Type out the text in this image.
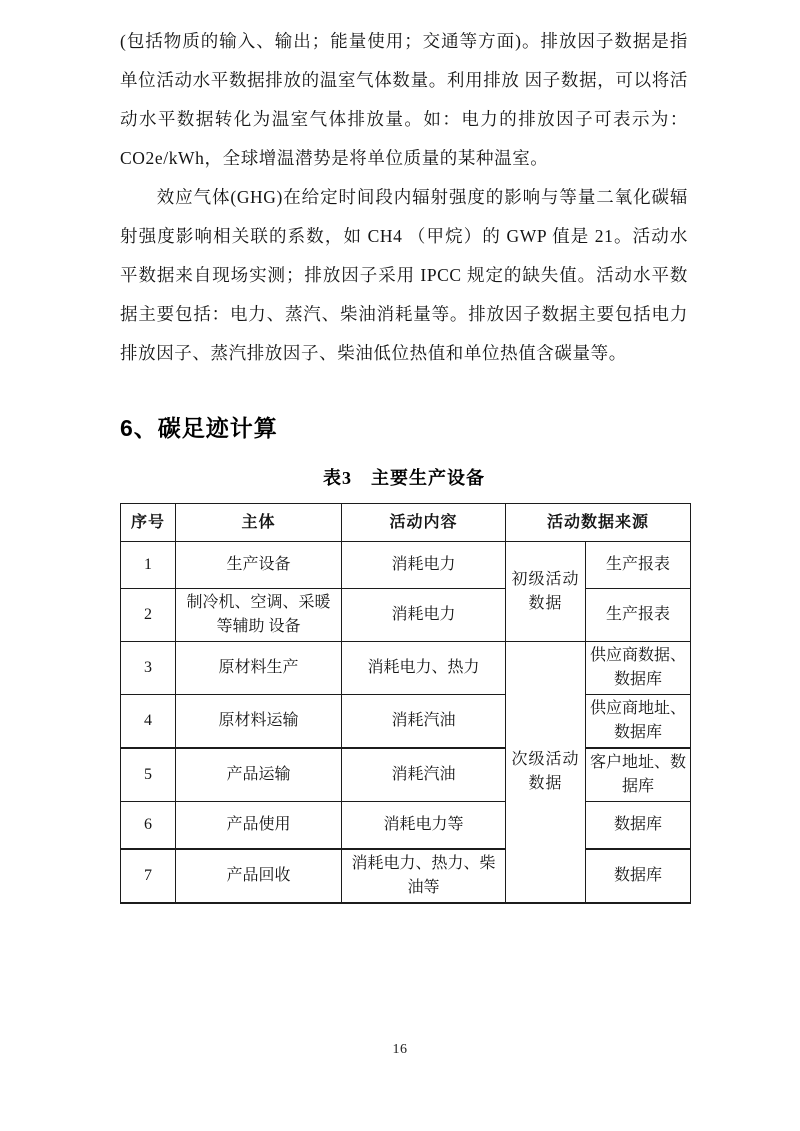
(包括物质的输入、输出；能量使用；交通等方面)。排放因子数据是指单位活动水平数据排放的温室气体数量。利用排放 因子数据，可以将活动水平数据转化为温室气体排放量。如：电力的排放因子可表示为：CO2e/kWh，全球增温潜势是将单位质量的某种温室。

效应气体(GHG)在给定时间段内辐射强度的影响与等量二氧化碳辐射强度影响相关联的系数，如 CH4 （甲烷）的 GWP 值是 21。活动水平数据来自现场实测；排放因子采用 IPCC 规定的缺失值。活动水平数据主要包括：电力、蒸汽、柴油消耗量等。排放因子数据主要包括电力排放因子、蒸汽排放因子、柴油低位热值和单位热值含碳量等。

6、碳足迹计算
表3　主要生产设备
序号	主体	活动内容	活动数据来源	
1	生产设备	消耗电力	初级活动数据	生产报表
2	制冷机、空调、采暖等辅助 设备	消耗电力		生产报表
3	原材料生产	消耗电力、热力	次级活动数据	供应商数据、数据库
4	原材料运输	消耗汽油		供应商地址、数据库
5	产品运输	消耗汽油		客户地址、数据库
6	产品使用	消耗电力等		数据库
7	产品回收	消耗电力、热力、柴油等		数据库
16
